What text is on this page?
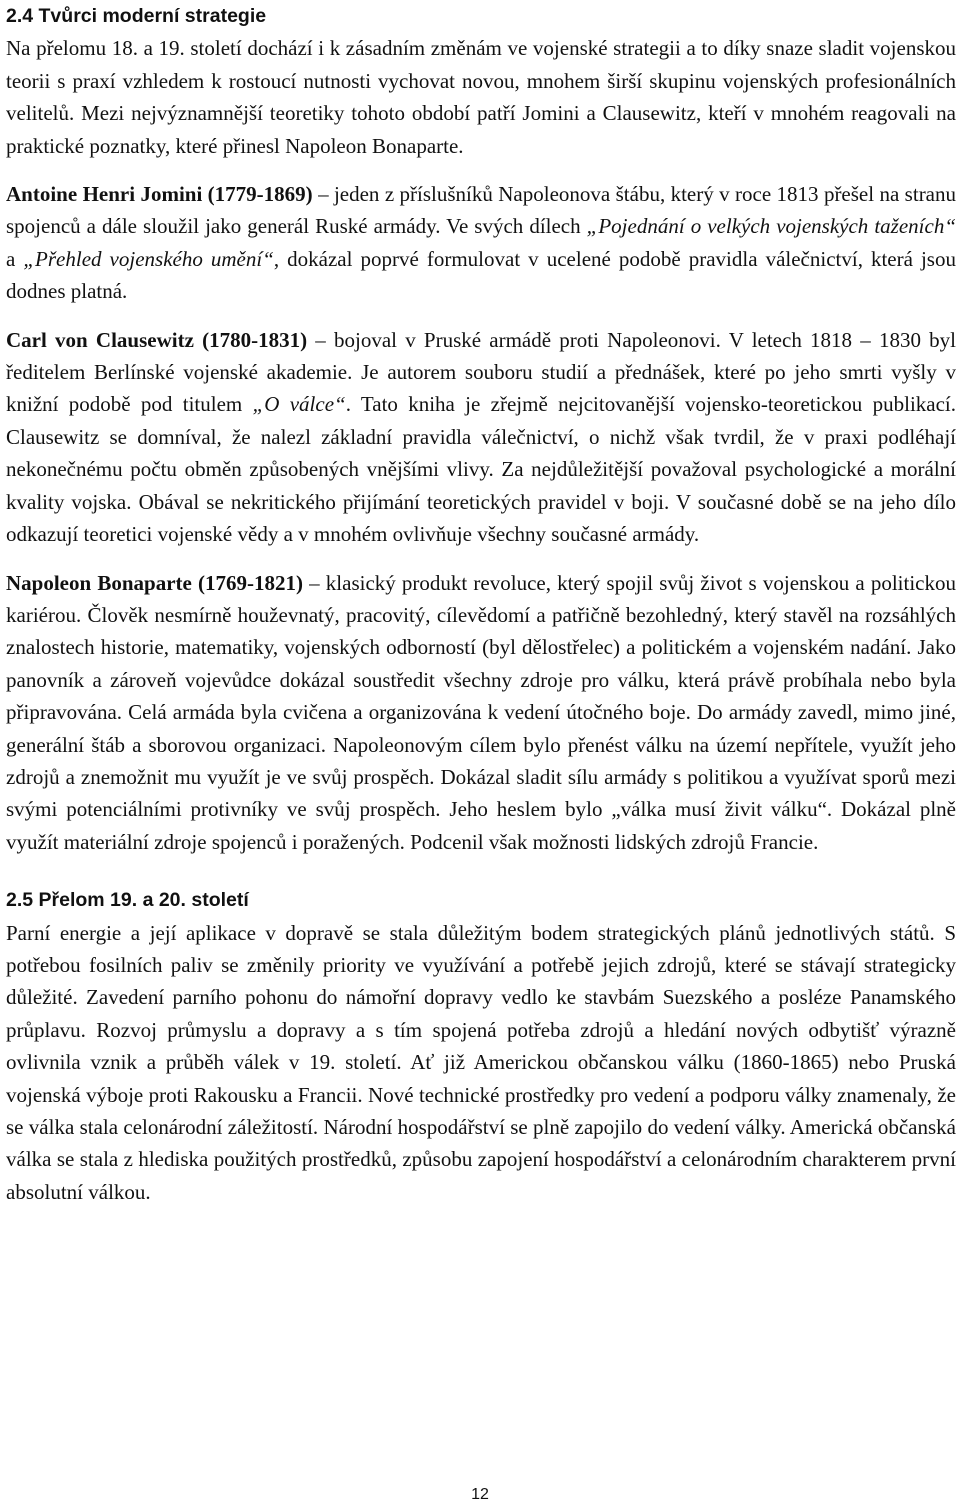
2.4 Tvůrci moderní strategie

Na přelomu 18. a 19. století dochází i k zásadním změnám ve vojenské strategii a to díky snaze sladit vojenskou teorii s praxí vzhledem k rostoucí nutnosti vychovat novou, mnohem širší skupinu vojenských profesionálních velitelů. Mezi nejvýznamnější teoretiky tohoto období patří Jomini a Clausewitz, kteří v mnohém reagovali na praktické poznatky, které přinesl Napoleon Bonaparte.

Antoine Henri Jomini (1779-1869) – jeden z příslušníků Napoleonova štábu, který v roce 1813 přešel na stranu spojenců a dále sloužil jako generál Ruské armády. Ve svých dílech „Pojednání o velkých vojenských taženích“ a „Přehled vojenského umění“, dokázal poprvé formulovat v ucelené podobě pravidla válečnictví, která jsou dodnes platná.

Carl von Clausewitz (1780-1831) – bojoval v Pruské armádě proti Napoleonovi. V letech 1818 – 1830 byl ředitelem Berlínské vojenské akademie. Je autorem souboru studií a přednášek, které po jeho smrti vyšly v knižní podobě pod titulem „O válce“. Tato kniha je zřejmě nejcitovanější vojensko-teoretickou publikací. Clausewitz se domníval, že nalezl základní pravidla válečnictví, o nichž však tvrdil, že v praxi podléhají nekonečnému počtu obměn způsobených vnějšími vlivy. Za nejdůležitější považoval psychologické a morální kvality vojska. Obával se nekritického přijímání teoretických pravidel v boji. V současné době se na jeho dílo odkazují teoretici vojenské vědy a v mnohém ovlivňuje všechny současné armády.

Napoleon Bonaparte (1769-1821) – klasický produkt revoluce, který spojil svůj život s vojenskou a politickou kariérou. Člověk nesmírně houževnatý, pracovitý, cílevědomí a patřičně bezohledný, který stavěl na rozsáhlých znalostech historie, matematiky, vojenských odborností (byl dělostřelec) a politickém a vojenském nadání. Jako panovník a zároveň vojevůdce dokázal soustředit všechny zdroje pro válku, která právě probíhala nebo byla připravována. Celá armáda byla cvičena a organizována k vedení útočného boje. Do armády zavedl, mimo jiné, generální štáb a sborovou organizaci. Napoleonovým cílem bylo přenést válku na území nepřítele, využít jeho zdrojů a znemožnit mu využít je ve svůj prospěch. Dokázal sladit sílu armády s politikou a využívat sporů mezi svými potenciálními protivníky ve svůj prospěch. Jeho heslem bylo „válka musí živit válku“. Dokázal plně využít materiální zdroje spojenců i poražených. Podcenil však možnosti lidských zdrojů Francie.

2.5 Přelom 19. a 20. století

Parní energie a její aplikace v dopravě se stala důležitým bodem strategických plánů jednotlivých států. S potřebou fosilních paliv se změnily priority ve využívání a potřebě jejich zdrojů, které se stávají strategicky důležité. Zavedení parního pohonu do námořní dopravy vedlo ke stavbám Suezského a posléze Panamského průplavu. Rozvoj průmyslu a dopravy a s tím spojená potřeba zdrojů a hledání nových odbytišť výrazně ovlivnila vznik a průběh válek v 19. století. Ať již Americkou občanskou válku (1860-1865) nebo Pruská vojenská výboje proti Rakousku a Francii. Nové technické prostředky pro vedení a podporu války znamenaly, že se válka stala celonárodní záležitostí. Národní hospodářství se plně zapojilo do vedení války. Americká občanská válka se stala z hlediska použitých prostředků, způsobu zapojení hospodářství a celonárodním charakterem první absolutní válkou.

12
